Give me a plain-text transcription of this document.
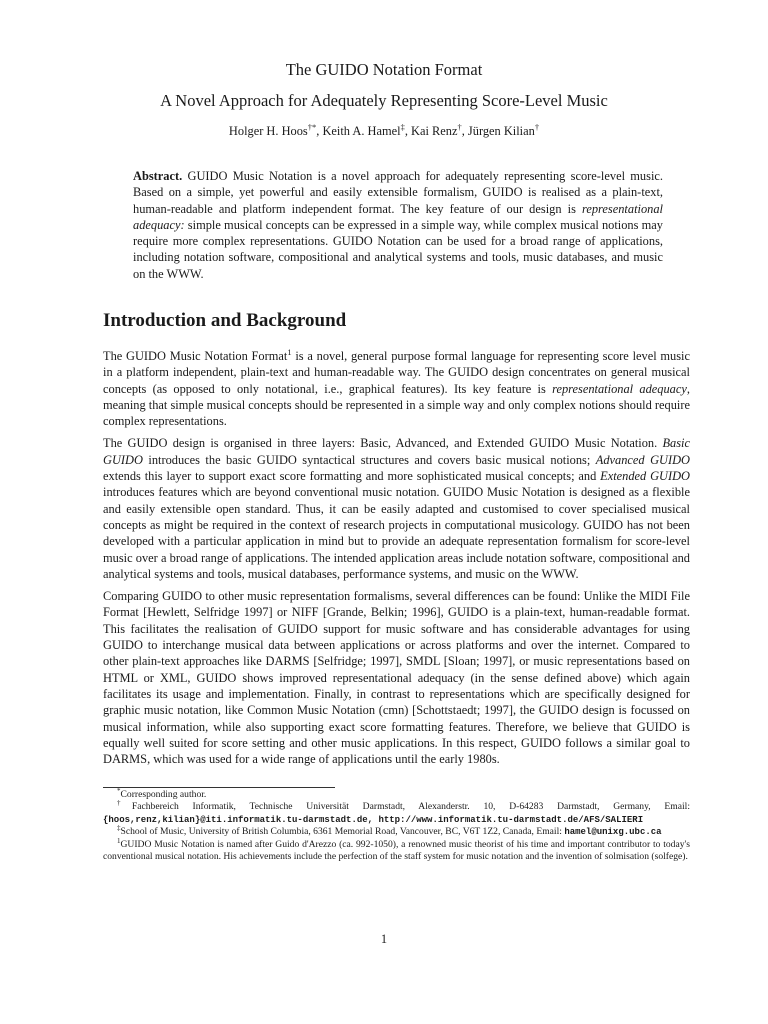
The GUIDO Notation Format
A Novel Approach for Adequately Representing Score-Level Music
Holger H. Hoos†*, Keith A. Hamel‡, Kai Renz†, Jürgen Kilian†
Abstract. GUIDO Music Notation is a novel approach for adequately representing score-level music. Based on a simple, yet powerful and easily extensible formalism, GUIDO is realised as a plain-text, human-readable and platform independent format. The key feature of our design is representational adequacy: simple musical concepts can be expressed in a simple way, while complex musical notions may require more complex representations. GUIDO Notation can be used for a broad range of applications, including notation software, compositional and analytical systems and tools, music databases, and music on the WWW.
Introduction and Background

The GUIDO Music Notation Format$^1$ is a novel, general purpose formal language for representing score level music in a platform independent, plain-text and human-readable way. The GUIDO design concentrates on general musical concepts (as opposed to only notational, i.e., graphical features). Its key feature is representational adequacy, meaning that simple musical concepts should be represented in a simple way and only complex notions should require complex representations.

The GUIDO design is organised in three layers: Basic, Advanced, and Extended GUIDO Music Notation. Basic GUIDO introduces the basic GUIDO syntactical structures and covers basic musical notions; Advanced GUIDO extends this layer to support exact score formatting and more sophisticated musical concepts; and Extended GUIDO introduces features which are beyond conventional music notation. GUIDO Music Notation is designed as a flexible and easily extensible open standard. Thus, it can be easily adapted and customised to cover specialised musical concepts as might be required in the context of research projects in computational musicology. GUIDO has not been developed with a particular application in mind but to provide an adequate representation formalism for score-level music over a broad range of applications. The intended application areas include notation software, compositional and analytical systems and tools, musical databases, performance systems, and music on the WWW.

Comparing GUIDO to other music representation formalisms, several differences can be found: Unlike the MIDI File Format [Hewlett, Selfridge 1997] or NIFF [Grande, Belkin; 1996], GUIDO is a plain-text, human-readable format. This facilitates the realisation of GUIDO support for music software and has considerable advantages for using GUIDO to interchange musical data between applications or across platforms and over the internet. Compared to other plain-text approaches like DARMS [Selfridge; 1997], SMDL [Sloan; 1997], or music representations based on HTML or XML, GUIDO shows improved representational adequacy (in the sense defined above) which again facilitates its usage and implementation. Finally, in contrast to representations which are specifically designed for graphic music notation, like Common Music Notation (cmn) [Schottstaedt; 1997], the GUIDO design is focussed on musical information, while also supporting exact score formatting features. Therefore, we believe that GUIDO is equally well suited for score setting and other music applications. In this respect, GUIDO follows a similar goal to DARMS, which was used for a wide range of applications until the early 1980s.

*Corresponding author.

†Fachbereich Informatik, Technische Universität Darmstadt, Alexanderstr. 10, D-64283 Darmstadt, Germany, Email: {hoos,renz,kilian}@iti.informatik.tu-darmstadt.de, http://www.informatik.tu-darmstadt.de/AFS/SALIERI

‡School of Music, University of British Columbia, 6361 Memorial Road, Vancouver, BC, V6T 1Z2, Canada, Email: hamel@unixg.ubc.ca

$^1$GUIDO Music Notation is named after Guido d'Arezzo (ca. 992-1050), a renowned music theorist of his time and important contributor to today's conventional musical notation. His achievements include the perfection of the staff system for music notation and the invention of solmisation (solfege).

1
